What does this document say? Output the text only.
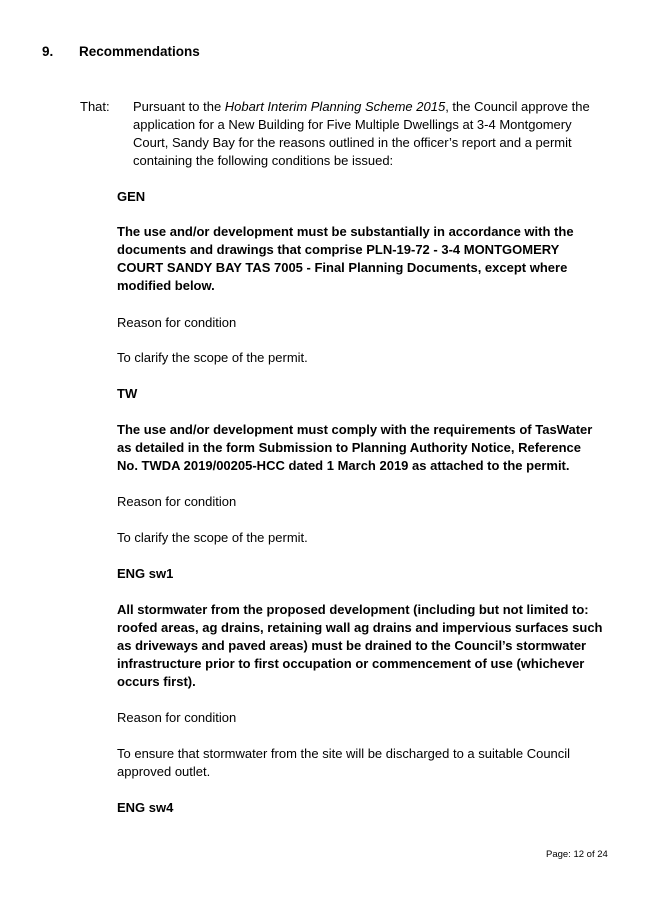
9. Recommendations
That: Pursuant to the Hobart Interim Planning Scheme 2015, the Council approve the
application for a New Building for Five Multiple Dwellings at 3-4 Montgomery
Court, Sandy Bay for the reasons outlined in the officer’s report and a permit
containing the following conditions be issued:
GEN
The use and/or development must be substantially in accordance with the
documents and drawings that comprise PLN-19-72 - 3-4 MONTGOMERY
COURT SANDY BAY TAS 7005 - Final Planning Documents, except where
modified below.
Reason for condition
To clarify the scope of the permit.
TW
The use and/or development must comply with the requirements of TasWater
as detailed in the form Submission to Planning Authority Notice, Reference
No. TWDA 2019/00205-HCC dated 1 March 2019 as attached to the permit.
Reason for condition
To clarify the scope of the permit.
ENG sw1
All stormwater from the proposed development (including but not limited to:
roofed areas, ag drains, retaining wall ag drains and impervious surfaces such
as driveways and paved areas) must be drained to the Council’s stormwater
infrastructure prior to first occupation or commencement of use (whichever
occurs first).
Reason for condition
To ensure that stormwater from the site will be discharged to a suitable Council
approved outlet.
ENG sw4
Page: 12 of 24
